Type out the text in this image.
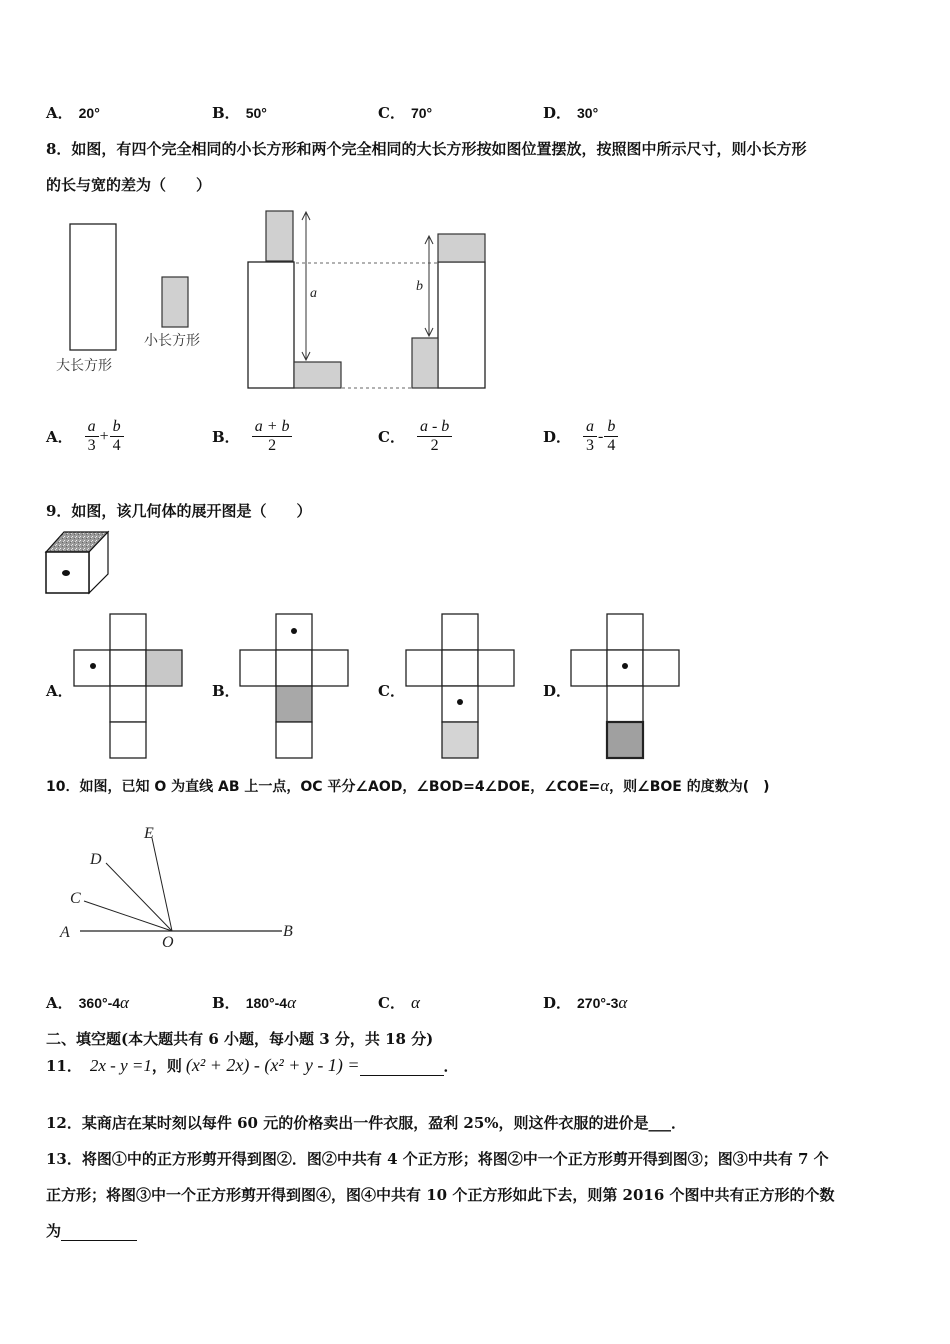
A． 20°	B． 50°	C． 70°	D． 30°
8．如图，有四个完全相同的小长方形和两个完全相同的大长方形按如图位置摆放，按照图中所示尺寸，则小长方形
的长与宽的差为（　　）
大长方形
小长方形
a	b
A． $\frac{a}{3} + \frac{b}{4}$	B． $\frac{a + b}{2}$	C． $\frac{a - b}{2}$	D． $\frac{a}{3} - \frac{b}{4}$
9．如图，该几何体的展开图是（　　）
A．	B．	C．	D．
10．如图，已知 O 为直线 AB 上一点，OC 平分∠AOD，∠BOD=4∠DOE，∠COE=α，则∠BOE 的度数为(　)
E
D
C
A
O
B
A． 360°-4α	B． 180°-4α	C． α	D． 270°-3α
二、填空题(本大题共有 6 小题，每小题 3 分，共 18 分)
11． 2x - y =1 ，则 (x² + 2x) - (x² + y - 1) =	．
12．某商店在某时刻以每件 60 元的价格卖出一件衣服，盈利 25%，则这件衣服的进价是___．
13．将图①中的正方形剪开得到图②．图②中共有 4 个正方形；将图②中一个正方形剪开得到图③；图③中共有 7 个
正方形；将图③中一个正方形剪开得到图④，图④中共有 10 个正方形如此下去，则第 2016 个图中共有正方形的个数
为
